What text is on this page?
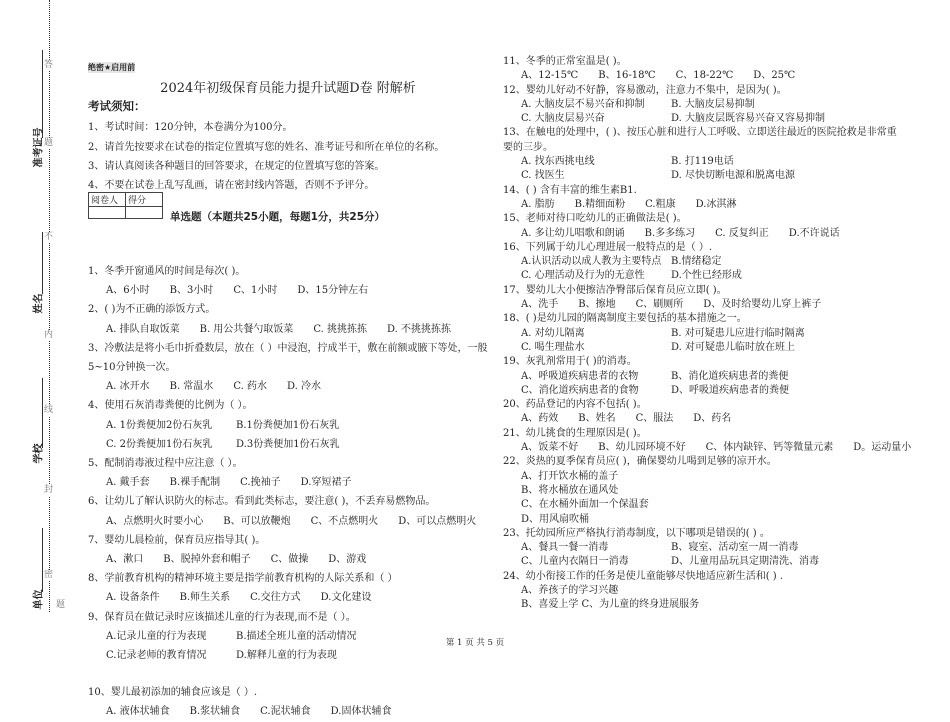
准考证号
姓名
学校
单位
答
题
不
内
线
封
密
题
绝密★启用前
2024年初级保育员能力提升试题D卷 附解析
考试须知：
1、考试时间：120分钟，本卷满分为100分。
2、请首先按要求在试卷的指定位置填写您的姓名、准考证号和所在单位的名称。
3、请认真阅读各种题目的回答要求，在规定的位置填写您的答案。
4、不要在试卷上乱写乱画，请在密封线内答题，否则不予评分。
阅卷人	得分

单选题（本题共25小题，每题1分，共25分）
1、冬季开窗通风的时间是每次( )。
A、6小时 B、3小时 C、1小时 D、15分钟左右
2、( )为不正确的添饭方式。
A. 排队自取饭菜 B. 用公共餐勺取饭菜 C. 挑挑拣拣 D. 不挑挑拣拣
3、冷敷法是将小毛巾折叠数层，放在（ ）中浸泡，拧成半干，敷在前额或腋下等处，一般
5~10分钟换一次。
A. 冰开水 B. 常温水 C. 药水 D. 冷水
4、使用石灰消毒粪便的比例为（ ）。
A. 1份粪便加2份石灰乳 B.1份粪便加1份石灰乳
C. 2份粪便加1份石灰乳 D.3份粪便加1份石灰乳
5、配制消毒液过程中应注意（ ）。
A. 戴手套 B.裸手配制 C.挽袖子 D.穿短裙子
6、让幼儿了解认识防火的标志。看到此类标志，要注意( )，不丢弃易燃物品。
A、点燃明火时要小心 B、可以放鞭炮 C、不点燃明火 D、可以点燃明火
7、婴幼儿晨检前，保育员应指导其( )。
A、漱口 B、脱掉外套和帽子 C、做操 D、游戏
8、学前教育机构的精神环境主要是指学前教育机构的人际关系和（ ）
A. 设备条件 B.师生关系 C.交往方式 D.文化建设
9、保育员在做记录时应该描述儿童的行为表现,而不是（ ）。
A.记录儿童的行为表现	B.描述全班儿童的活动情况
C.记录老师的教育情况	D.解释儿童的行为表现
10、婴儿最初添加的辅食应该是（ ）.
A. 液体状辅食 B.浆状辅食 C.泥状辅食 D.固体状辅食
11、冬季的正常室温是( )。
A、12-15℃ B、16-18℃ C、18-22℃ D、25℃
12、婴幼儿好动不好静，容易激动，注意力不集中，是因为( )。
A. 大脑皮层不易兴奋和抑制	B. 大脑皮层易抑制
C. 大脑皮层易兴奋	D. 大脑皮层既容易兴奋又容易抑制
13、在触电的处理中，( )、按压心脏和进行人工呼吸、立即送往最近的医院抢救是非常重
要的三步。
A. 找东西挑电线	B. 打119电话
C. 找医生	D. 尽快切断电源和脱离电源
14、( ) 含有丰富的维生素B1.
A. 脂肪 B.精细面粉 C.粗康 D.冰淇淋
15、老师对待口吃幼儿的正确做法是( )。
A. 多让幼儿唱歌和朗诵 B.多多练习 C. 反复纠正 D.不许说话
16、下列属于幼儿心理进展一般特点的是（ ）.
A.认识活动以成人教为主要特点 B.情绪稳定
C. 心理活动及行为的无意性	D.个性已经形成
17、婴幼儿大小便擦洁净臀部后保育员应立即( )。
A、洗手 B、擦地 C、刷厕所 D、及时给婴幼儿穿上裤子
18、( )是幼儿园的隔离制度主要包括的基本措施之一。
A. 对幼儿隔离	B. 对可疑患儿应进行临时隔离
C. 喝生理盐水	D. 对可疑患儿临时放在班上
19、灰乳剂常用于( )的消毒。
A、呼吸道疾病患者的衣物	B、消化道疾病患者的粪便
C、消化道疾病患者的食物	D、呼吸道疾病患者的粪便
20、药品登记的内容不包括( )。
A、药效 B、姓名 C、服法 D、药名
21、幼儿挑食的生理原因是( )。
A、饭菜不好 B、幼儿园环境不好 C、体内缺锌、钙等微量元素 D。运动量小
22、炎热的夏季保育员应( )，确保婴幼儿喝到足够的凉开水。
A、打开饮水桶的盖子
B、将水桶放在通风处
C、在水桶外面加一个保温套
D、用风扇吹桶
23、托幼园所应严格执行消毒制度，以下哪项是错误的( ) 。
A、餐具一餐一消毒	B、寝室、活动室一周一消毒
C、儿童内衣隔日一消毒	D、儿童用品玩具定期清洗、消毒
24、幼小衔接工作的任务是使儿童能够尽快地适应新生活和( ) .
A、养孩子的学习兴趣
B、喜爱上学 C、为儿童的终身进展服务
第 1 页 共 5 页
